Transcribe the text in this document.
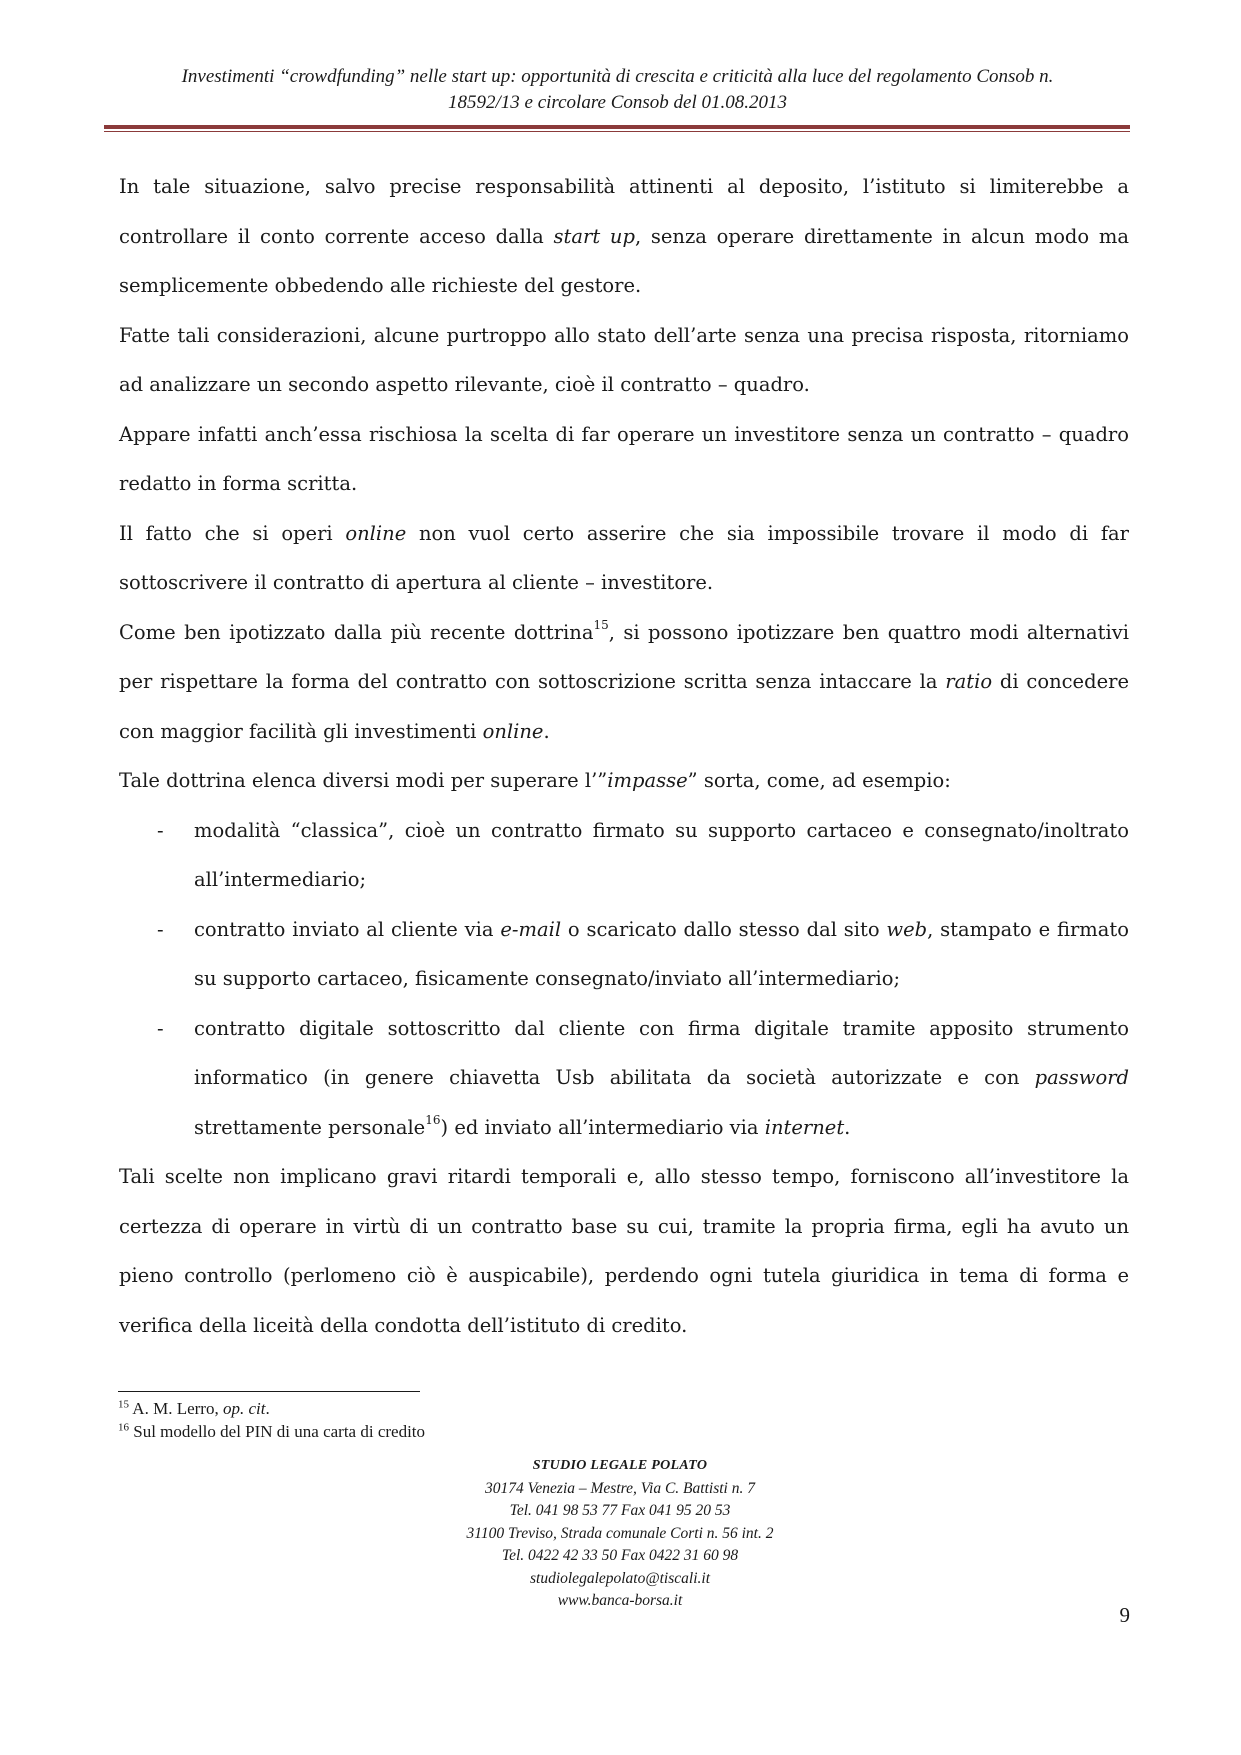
Investimenti “crowdfunding” nelle start up: opportunità di crescita e criticità alla luce del regolamento Consob n.
18592/13 e circolare Consob del 01.08.2013

In tale situazione, salvo precise responsabilità attinenti al deposito, l’istituto si limiterebbe a controllare il conto corrente acceso dalla start up, senza operare direttamente in alcun modo ma semplicemente obbedendo alle richieste del gestore.

Fatte tali considerazioni, alcune purtroppo allo stato dell’arte senza una precisa risposta, ritorniamo ad analizzare un secondo aspetto rilevante, cioè il contratto – quadro.

Appare infatti anch’essa rischiosa la scelta di far operare un investitore senza un contratto – quadro redatto in forma scritta.

Il fatto che si operi online non vuol certo asserire che sia impossibile trovare il modo di far sottoscrivere il contratto di apertura al cliente – investitore.

Come ben ipotizzato dalla più recente dottrina$^{15}$, si possono ipotizzare ben quattro modi alternativi per rispettare la forma del contratto con sottoscrizione scritta senza intaccare la ratio di concedere con maggior facilità gli investimenti online.

Tale dottrina elenca diversi modi per superare l’”impasse” sorta, come, ad esempio:

- modalità “classica”, cioè un contratto firmato su supporto cartaceo e consegnato/inoltrato all’intermediario;
- contratto inviato al cliente via e-mail o scaricato dallo stesso dal sito web, stampato e firmato su supporto cartaceo, fisicamente consegnato/inviato all’intermediario;
- contratto digitale sottoscritto dal cliente con firma digitale tramite apposito strumento informatico (in genere chiavetta Usb abilitata da società autorizzate e con password strettamente personale$^{16}$) ed inviato all’intermediario via internet.

Tali scelte non implicano gravi ritardi temporali e, allo stesso tempo, forniscono all’investitore la certezza di operare in virtù di un contratto base su cui, tramite la propria firma, egli ha avuto un pieno controllo (perlomeno ciò è auspicabile), perdendo ogni tutela giuridica in tema di forma e verifica della liceità della condotta dell’istituto di credito.

$^{15}$ A. M. Lerro, op. cit.
$^{16}$ Sul modello del PIN di una carta di credito
STUDIO LEGALE POLATO
30174 Venezia – Mestre, Via C. Battisti n. 7
Tel. 041 98 53 77 Fax 041 95 20 53
31100 Treviso, Strada comunale Corti n. 56 int. 2
Tel. 0422 42 33 50 Fax 0422 31 60 98
studiolegalepolato@tiscali.it
www.banca-borsa.it
9
